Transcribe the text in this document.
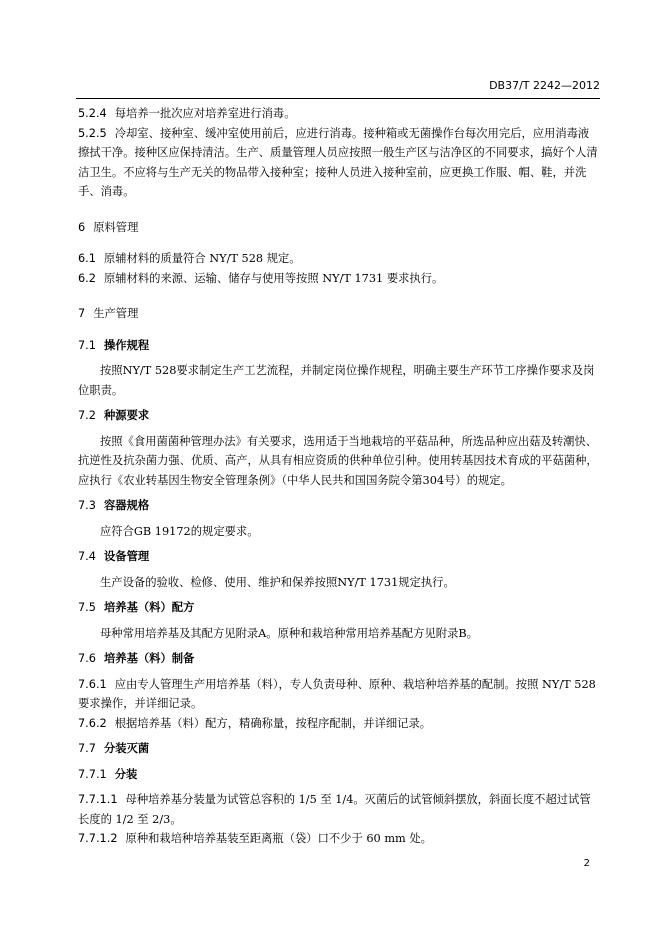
DB37/T 2242—2012

5.2.4 每培养一批次应对培养室进行消毒。

5.2.5 冷却室、接种室、缓冲室使用前后，应进行消毒。接种箱或无菌操作台每次用完后，应用消毒液擦拭干净。接种区应保持清洁。生产、质量管理人员应按照一般生产区与洁净区的不同要求，搞好个人清洁卫生。不应将与生产无关的物品带入接种室；接种人员进入接种室前，应更换工作服、帽、鞋，并洗手、消毒。

6 原料管理

6.1 原辅材料的质量符合 NY/T 528 规定。

6.2 原辅材料的来源、运输、储存与使用等按照 NY/T 1731 要求执行。

7 生产管理

7.1 操作规程

按照NY/T 528要求制定生产工艺流程，并制定岗位操作规程，明确主要生产环节工序操作要求及岗位职责。

7.2 种源要求

按照《食用菌菌种管理办法》有关要求，选用适于当地栽培的平菇品种，所选品种应出菇及转潮快、抗逆性及抗杂菌力强、优质、高产，从具有相应资质的供种单位引种。使用转基因技术育成的平菇菌种，应执行《农业转基因生物安全管理条例》（中华人民共和国国务院令第304号）的规定。

7.3 容器规格

应符合GB 19172的规定要求。

7.4 设备管理

生产设备的验收、检修、使用、维护和保养按照NY/T 1731规定执行。

7.5 培养基（料）配方

母种常用培养基及其配方见附录A。原种和栽培种常用培养基配方见附录B。

7.6 培养基（料）制备

7.6.1 应由专人管理生产用培养基（料），专人负责母种、原种、栽培种培养基的配制。按照 NY/T 528 要求操作，并详细记录。

7.6.2 根据培养基（料）配方，精确称量，按程序配制，并详细记录。

7.7 分装灭菌

7.7.1 分装

7.7.1.1 母种培养基分装量为试管总容积的 1/5 至 1/4。灭菌后的试管倾斜摆放，斜面长度不超过试管长度的 1/2 至 2/3。

7.7.1.2 原种和栽培种培养基装至距离瓶（袋）口不少于 60 mm 处。

2
